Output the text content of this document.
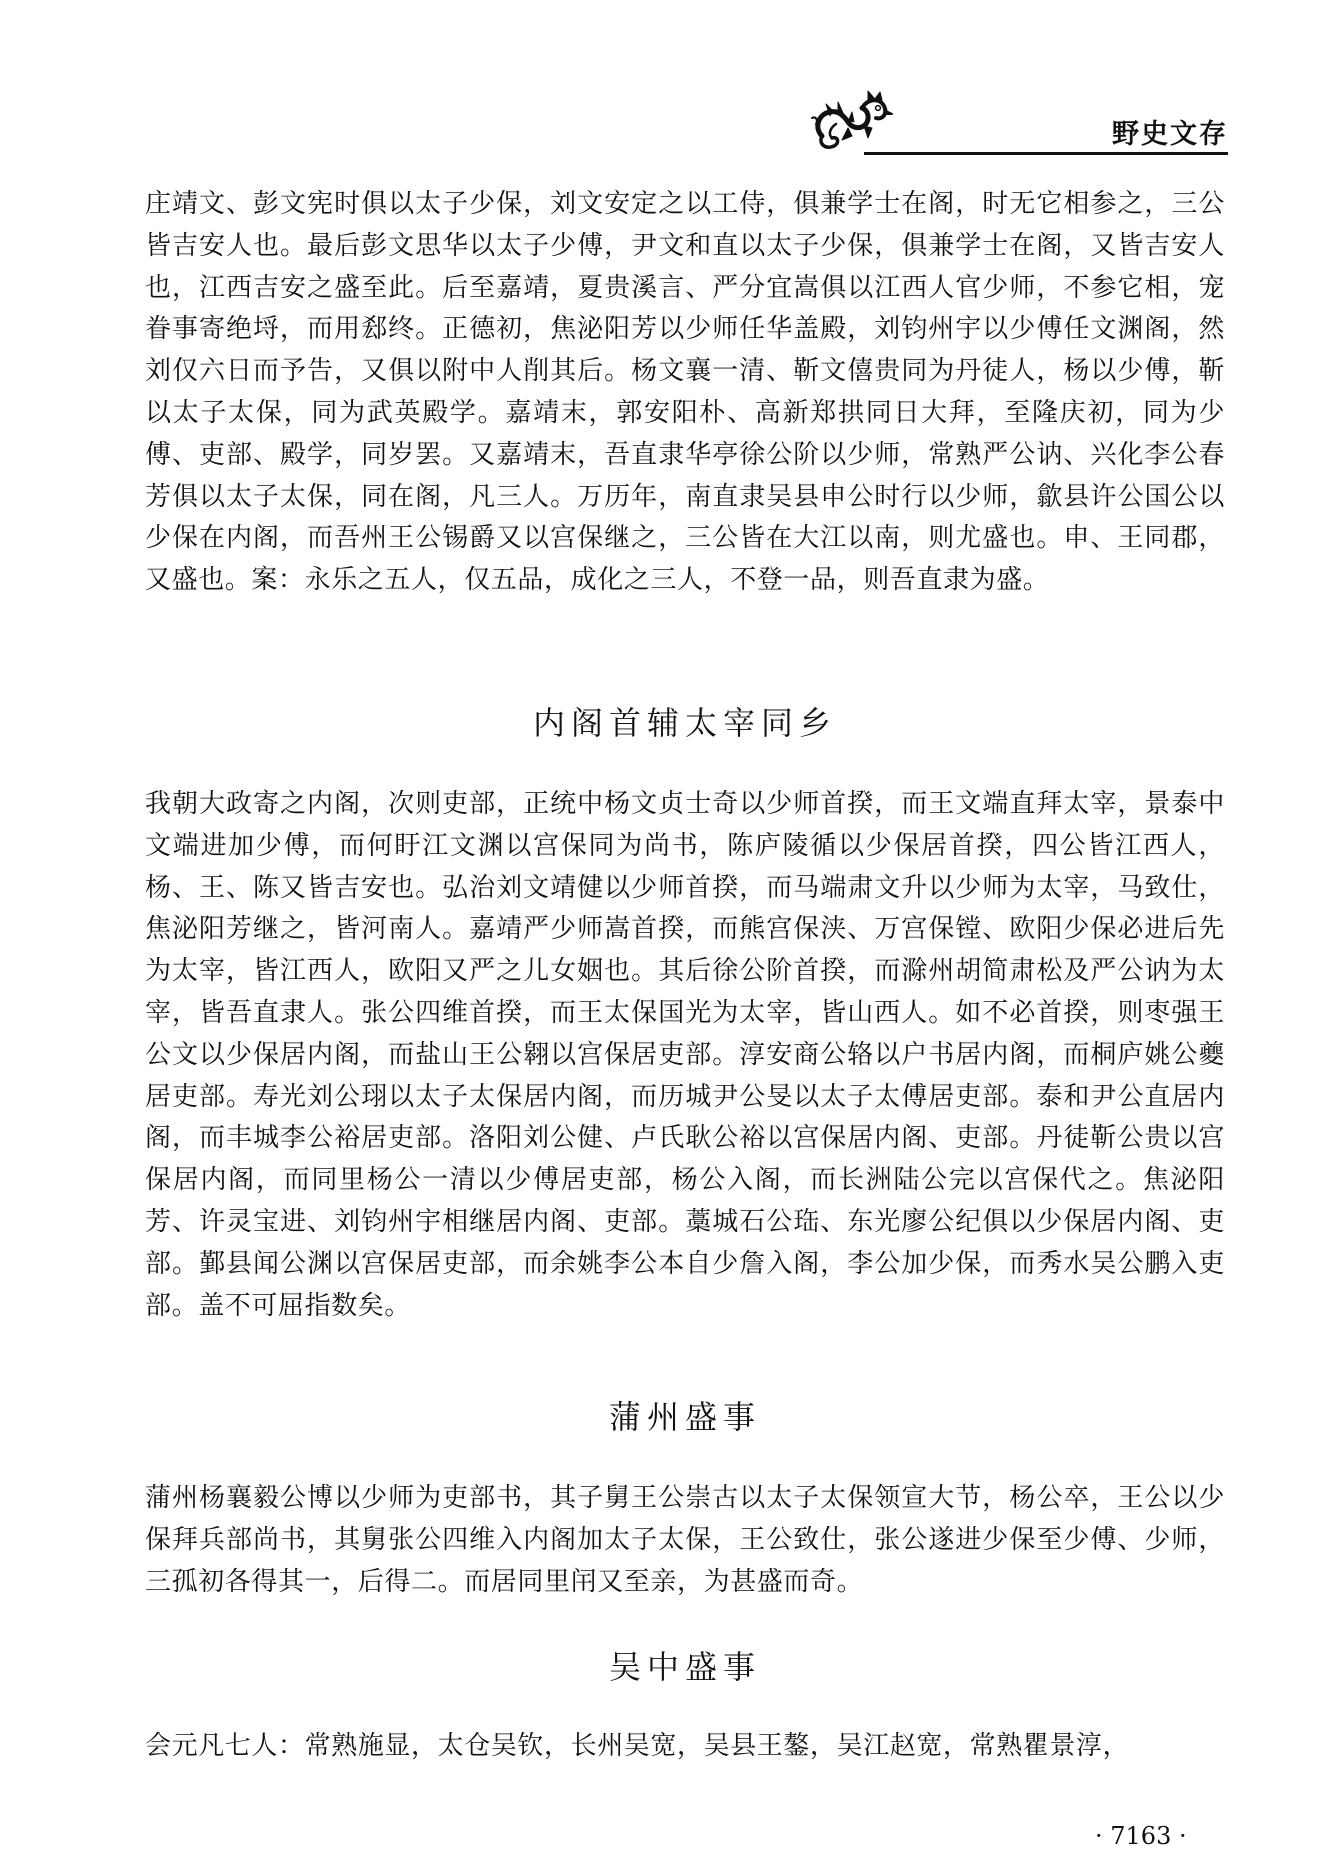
野史文存

庄靖文、彭文宪时俱以太子少保，刘文安定之以工侍，俱兼学士在阁，时无它相参之，三公皆吉安人也。最后彭文思华以太子少傅，尹文和直以太子少保，俱兼学士在阁，又皆吉安人也，江西吉安之盛至此。后至嘉靖，夏贵溪言、严分宜嵩俱以江西人官少师，不参它相，宠眷事寄绝埒，而用郄终。正德初，焦泌阳芳以少师任华盖殿，刘钧州宇以少傅任文渊阁，然刘仅六日而予告，又俱以附中人削其后。杨文襄一清、靳文僖贵同为丹徒人，杨以少傅，靳以太子太保，同为武英殿学。嘉靖末，郭安阳朴、高新郑拱同日大拜，至隆庆初，同为少傅、吏部、殿学，同岁罢。又嘉靖末，吾直隶华亭徐公阶以少师，常熟严公讷、兴化李公春芳俱以太子太保，同在阁，凡三人。万历年，南直隶吴县申公时行以少师，歙县许公国公以少保在内阁，而吾州王公锡爵又以宫保继之，三公皆在大江以南，则尤盛也。申、王同郡，又盛也。案：永乐之五人，仅五品，成化之三人，不登一品，则吾直隶为盛。

内阁首辅太宰同乡

我朝大政寄之内阁，次则吏部，正统中杨文贞士奇以少师首揆，而王文端直拜太宰，景泰中文端进加少傅，而何盱江文渊以宫保同为尚书，陈庐陵循以少保居首揆，四公皆江西人，杨、王、陈又皆吉安也。弘治刘文靖健以少师首揆，而马端肃文升以少师为太宰，马致仕，焦泌阳芳继之，皆河南人。嘉靖严少师嵩首揆，而熊宫保浃、万宫保镗、欧阳少保必进后先为太宰，皆江西人，欧阳又严之儿女姻也。其后徐公阶首揆，而滁州胡简肃松及严公讷为太宰，皆吾直隶人。张公四维首揆，而王太保国光为太宰，皆山西人。如不必首揆，则枣强王公文以少保居内阁，而盐山王公翱以宫保居吏部。淳安商公辂以户书居内阁，而桐庐姚公夔居吏部。寿光刘公珝以太子太保居内阁，而历城尹公旻以太子太傅居吏部。泰和尹公直居内阁，而丰城李公裕居吏部。洛阳刘公健、卢氏耿公裕以宫保居内阁、吏部。丹徒靳公贵以宫保居内阁，而同里杨公一清以少傅居吏部，杨公入阁，而长洲陆公完以宫保代之。焦泌阳芳、许灵宝进、刘钧州宇相继居内阁、吏部。藁城石公珤、东光廖公纪俱以少保居内阁、吏部。鄞县闻公渊以宫保居吏部，而余姚李公本自少詹入阁，李公加少保，而秀水吴公鹏入吏部。盖不可屈指数矣。

蒲州盛事

蒲州杨襄毅公博以少师为吏部书，其子舅王公崇古以太子太保领宣大节，杨公卒，王公以少保拜兵部尚书，其舅张公四维入内阁加太子太保，王公致仕，张公遂进少保至少傅、少师，三孤初各得其一，后得二。而居同里闬又至亲，为甚盛而奇。

吴中盛事

会元凡七人：常熟施显，太仓吴钦，长州吴宽，吴县王鏊，吴江赵宽，常熟瞿景淳，

· 7163 ·
